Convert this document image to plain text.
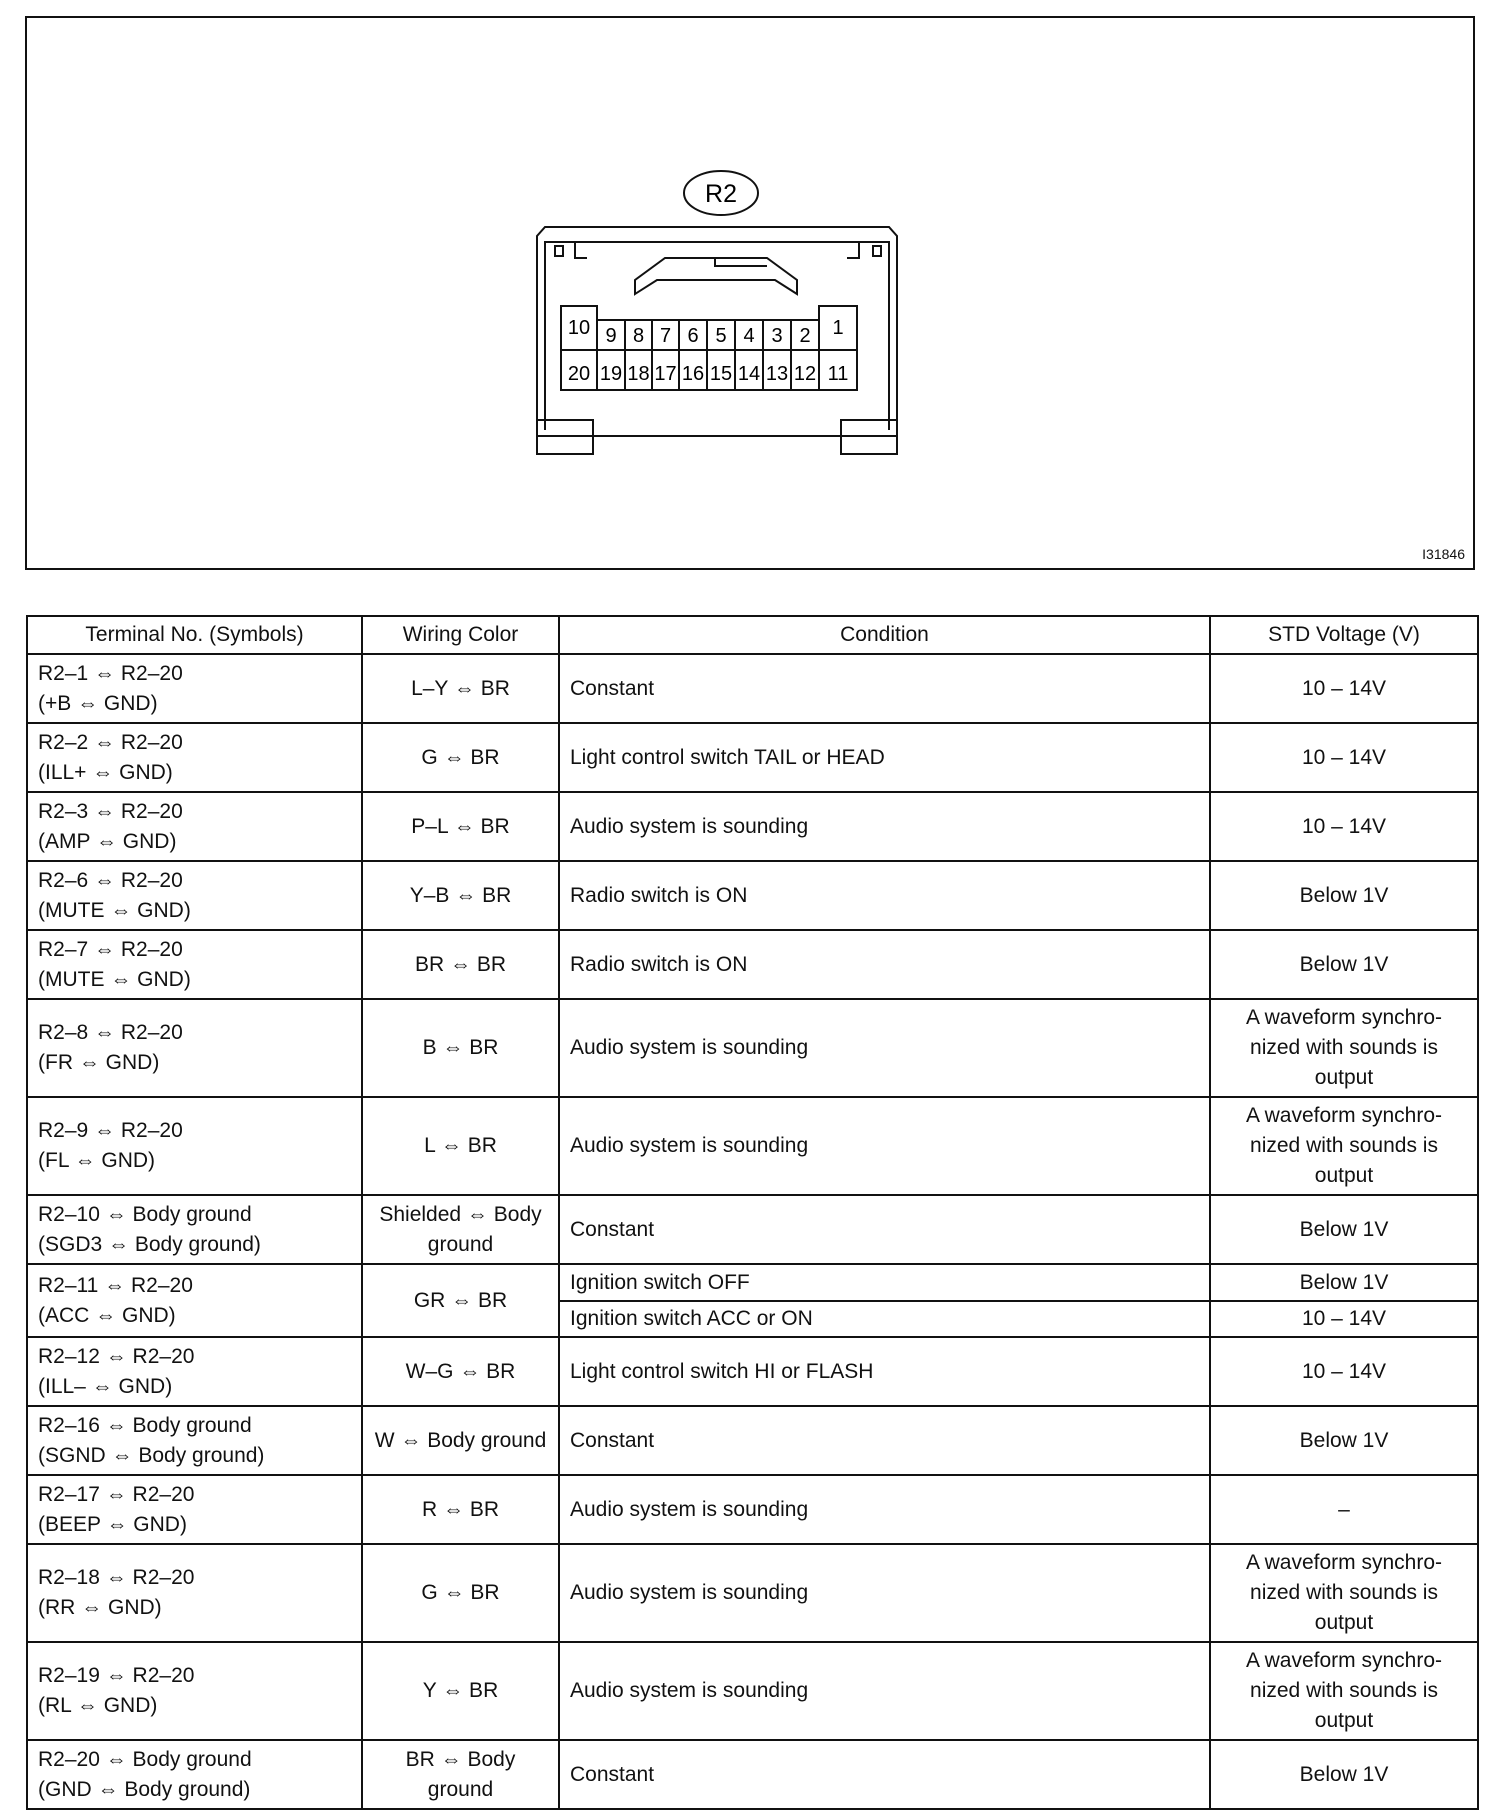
R2
10 9 8 7 6 5 4 3 2 1
20 19 18 17 16 15 14 13 12 11
I31846
Terminal No. (Symbols)	Wiring Color	Condition	STD Voltage (V)

R2–1 ⇔ R2–20
(+B ⇔ GND)	L–Y ⇔ BR	Constant	10 – 14V

R2–2 ⇔ R2–20
(ILL+ ⇔ GND)	G ⇔ BR	Light control switch TAIL or HEAD	10 – 14V

R2–3 ⇔ R2–20
(AMP ⇔ GND)	P–L ⇔ BR	Audio system is sounding	10 – 14V

R2–6 ⇔ R2–20
(MUTE ⇔ GND)	Y–B ⇔ BR	Radio switch is ON	Below 1V

R2–7 ⇔ R2–20
(MUTE ⇔ GND)	BR ⇔ BR	Radio switch is ON	Below 1V

R2–8 ⇔ R2–20
(FR ⇔ GND)	B ⇔ BR	Audio system is sounding	A waveform synchro- nized with sounds is output

R2–9 ⇔ R2–20
(FL ⇔ GND)	L ⇔ BR	Audio system is sounding	A waveform synchro- nized with sounds is output

R2–10 ⇔ Body ground
(SGD3 ⇔ Body ground)	Shielded ⇔ Body ground	Constant	Below 1V

R2–11 ⇔ R2–20
(ACC ⇔ GND)	GR ⇔ BR	Ignition switch OFF	Below 1V
		Ignition switch ACC or ON	10 – 14V

R2–12 ⇔ R2–20
(ILL– ⇔ GND)	W–G ⇔ BR	Light control switch HI or FLASH	10 – 14V

R2–16 ⇔ Body ground
(SGND ⇔ Body ground)	W ⇔ Body ground	Constant	Below 1V

R2–17 ⇔ R2–20
(BEEP ⇔ GND)	R ⇔ BR	Audio system is sounding	–

R2–18 ⇔ R2–20
(RR ⇔ GND)	G ⇔ BR	Audio system is sounding	A waveform synchro- nized with sounds is output

R2–19 ⇔ R2–20
(RL ⇔ GND)	Y ⇔ BR	Audio system is sounding	A waveform synchro- nized with sounds is output

R2–20 ⇔ Body ground
(GND ⇔ Body ground)	BR ⇔ Body ground	Constant	Below 1V
